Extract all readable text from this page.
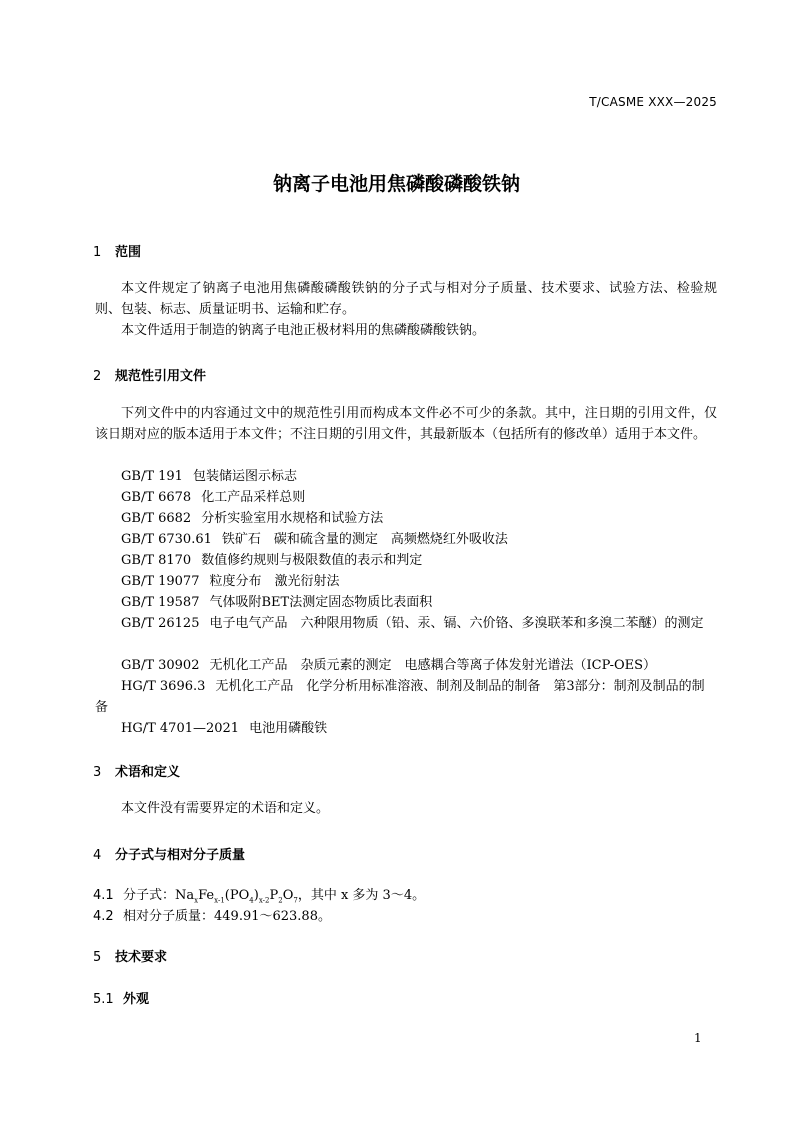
T/CASME XXX—2025
钠离子电池用焦磷酸磷酸铁钠
1 范围
本文件规定了钠离子电池用焦磷酸磷酸铁钠的分子式与相对分子质量、技术要求、试验方法、检验规则、包装、标志、质量证明书、运输和贮存。
本文件适用于制造的钠离子电池正极材料用的焦磷酸磷酸铁钠。
2 规范性引用文件
下列文件中的内容通过文中的规范性引用而构成本文件必不可少的条款。其中，注日期的引用文件，仅该日期对应的版本适用于本文件；不注日期的引用文件，其最新版本（包括所有的修改单）适用于本文件。
GB/T 191 包装储运图示标志
GB/T 6678 化工产品采样总则
GB/T 6682 分析实验室用水规格和试验方法
GB/T 6730.61 铁矿石　碳和硫含量的测定　高频燃烧红外吸收法
GB/T 8170 数值修约规则与极限数值的表示和判定
GB/T 19077 粒度分布　激光衍射法
GB/T 19587 气体吸附BET法测定固态物质比表面积
GB/T 26125 电子电气产品　六种限用物质（铅、汞、镉、六价铬、多溴联苯和多溴二苯醚）的测定
GB/T 30902 无机化工产品　杂质元素的测定　电感耦合等离子体发射光谱法（ICP-OES）
HG/T 3696.3 无机化工产品　化学分析用标准溶液、制剂及制品的制备　第3部分：制剂及制品的制备
HG/T 4701—2021 电池用磷酸铁
3 术语和定义
本文件没有需要界定的术语和定义。
4 分子式与相对分子质量
4.1 分子式：$Na_xFe_{x-1}(PO_4)_{x-2}P_2O_7$，其中 x 多为 3～4。
4.2 相对分子质量：449.91～623.88。
5 技术要求
5.1 外观
1
